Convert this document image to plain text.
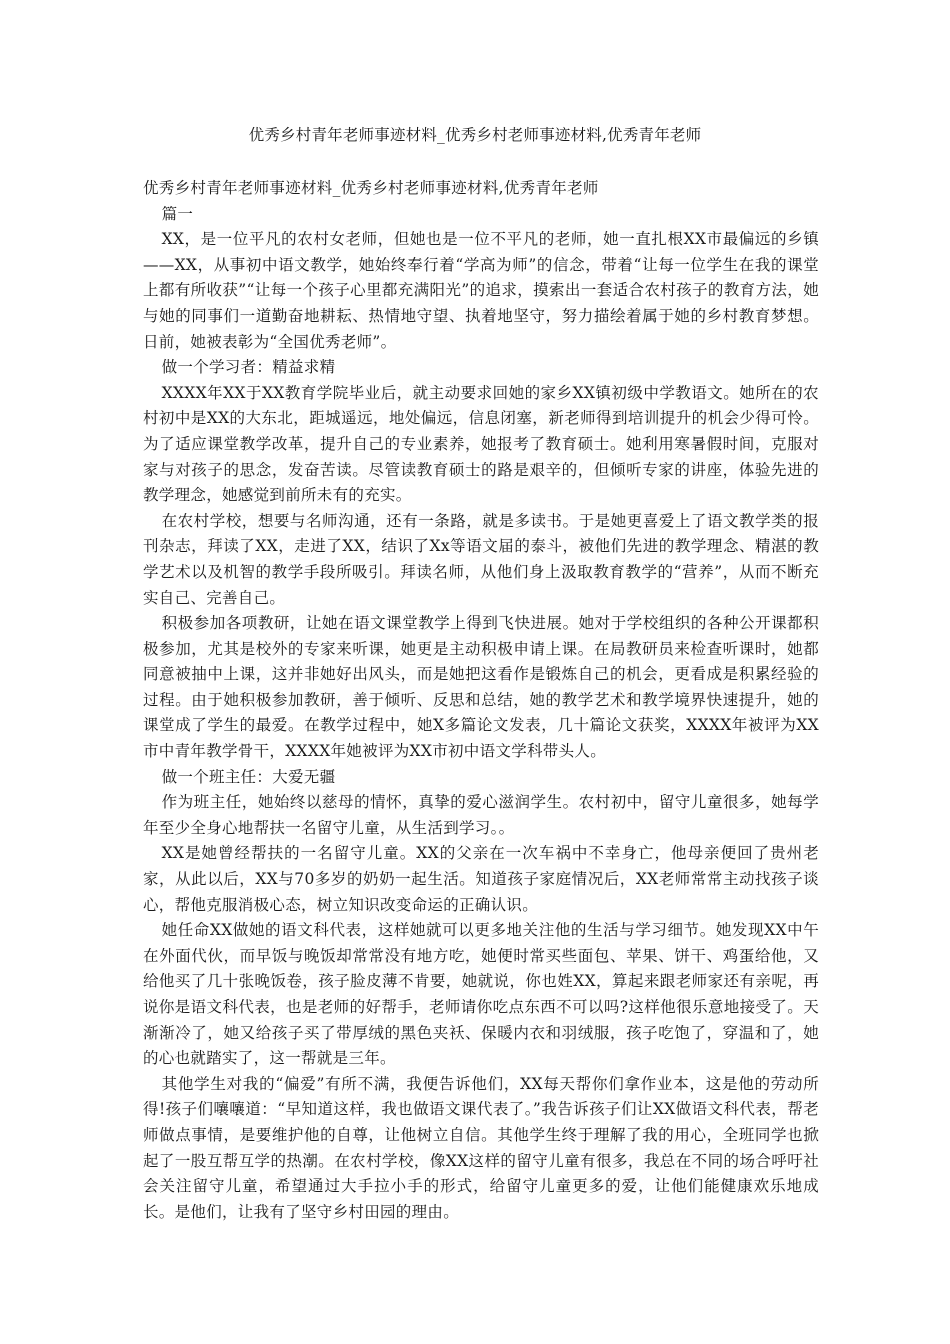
优秀乡村青年老师事迹材料_优秀乡村老师事迹材料,优秀青年老师

优秀乡村青年老师事迹材料_优秀乡村老师事迹材料,优秀青年老师

篇一

XX，是一位平凡的农村女老师，但她也是一位不平凡的老师，她一直扎根XX市最偏远的乡镇——XX，从事初中语文教学，她始终奉行着“学高为师”的信念，带着“让每一位学生在我的课堂上都有所收获”“让每一个孩子心里都充满阳光”的追求，摸索出一套适合农村孩子的教育方法，她与她的同事们一道勤奋地耕耘、热情地守望、执着地坚守，努力描绘着属于她的乡村教育梦想。日前，她被表彰为“全国优秀老师”。

做一个学习者：精益求精

XXXX年XX于XX教育学院毕业后，就主动要求回她的家乡XX镇初级中学教语文。她所在的农村初中是XX的大东北，距城遥远，地处偏远，信息闭塞，新老师得到培训提升的机会少得可怜。为了适应课堂教学改革，提升自己的专业素养，她报考了教育硕士。她利用寒暑假时间，克服对家与对孩子的思念，发奋苦读。尽管读教育硕士的路是艰辛的，但倾听专家的讲座，体验先进的教学理念，她感觉到前所未有的充实。

在农村学校，想要与名师沟通，还有一条路，就是多读书。于是她更喜爱上了语文教学类的报刊杂志，拜读了XX，走进了XX，结识了Xx等语文届的泰斗，被他们先进的教学理念、精湛的教学艺术以及机智的教学手段所吸引。拜读名师，从他们身上汲取教育教学的“营养”，从而不断充实自己、完善自己。

积极参加各项教研，让她在语文课堂教学上得到飞快进展。她对于学校组织的各种公开课都积极参加，尤其是校外的专家来听课，她更是主动积极申请上课。在局教研员来检查听课时，她都同意被抽中上课，这并非她好出风头，而是她把这看作是锻炼自己的机会，更看成是积累经验的过程。由于她积极参加教研，善于倾听、反思和总结，她的教学艺术和教学境界快速提升，她的课堂成了学生的最爱。在教学过程中，她X多篇论文发表，几十篇论文获奖，XXXX年被评为XX市中青年教学骨干，XXXX年她被评为XX市初中语文学科带头人。

做一个班主任：大爱无疆

作为班主任，她始终以慈母的情怀，真挚的爱心滋润学生。农村初中，留守儿童很多，她每学年至少全身心地帮扶一名留守儿童，从生活到学习。。

XX是她曾经帮扶的一名留守儿童。XX的父亲在一次车祸中不幸身亡，他母亲便回了贵州老家，从此以后，XX与70多岁的奶奶一起生活。知道孩子家庭情况后，XX老师常常主动找孩子谈心，帮他克服消极心态，树立知识改变命运的正确认识。

她任命XX做她的语文科代表，这样她就可以更多地关注他的生活与学习细节。她发现XX中午在外面代伙，而早饭与晚饭却常常没有地方吃，她便时常买些面包、苹果、饼干、鸡蛋给他，又给他买了几十张晚饭卷，孩子脸皮薄不肯要，她就说，你也姓XX，算起来跟老师家还有亲呢，再说你是语文科代表，也是老师的好帮手，老师请你吃点东西不可以吗?这样他很乐意地接受了。天渐渐冷了，她又给孩子买了带厚绒的黑色夹袄、保暖内衣和羽绒服，孩子吃饱了，穿温和了，她的心也就踏实了，这一帮就是三年。

其他学生对我的“偏爱”有所不满，我便告诉他们，XX每天帮你们拿作业本，这是他的劳动所得!孩子们嚷嚷道：“早知道这样，我也做语文课代表了。”我告诉孩子们让XX做语文科代表，帮老师做点事情，是要维护他的自尊，让他树立自信。其他学生终于理解了我的用心，全班同学也掀起了一股互帮互学的热潮。在农村学校，像XX这样的留守儿童有很多，我总在不同的场合呼吁社会关注留守儿童，希望通过大手拉小手的形式，给留守儿童更多的爱，让他们能健康欢乐地成长。是他们，让我有了坚守乡村田园的理由。
